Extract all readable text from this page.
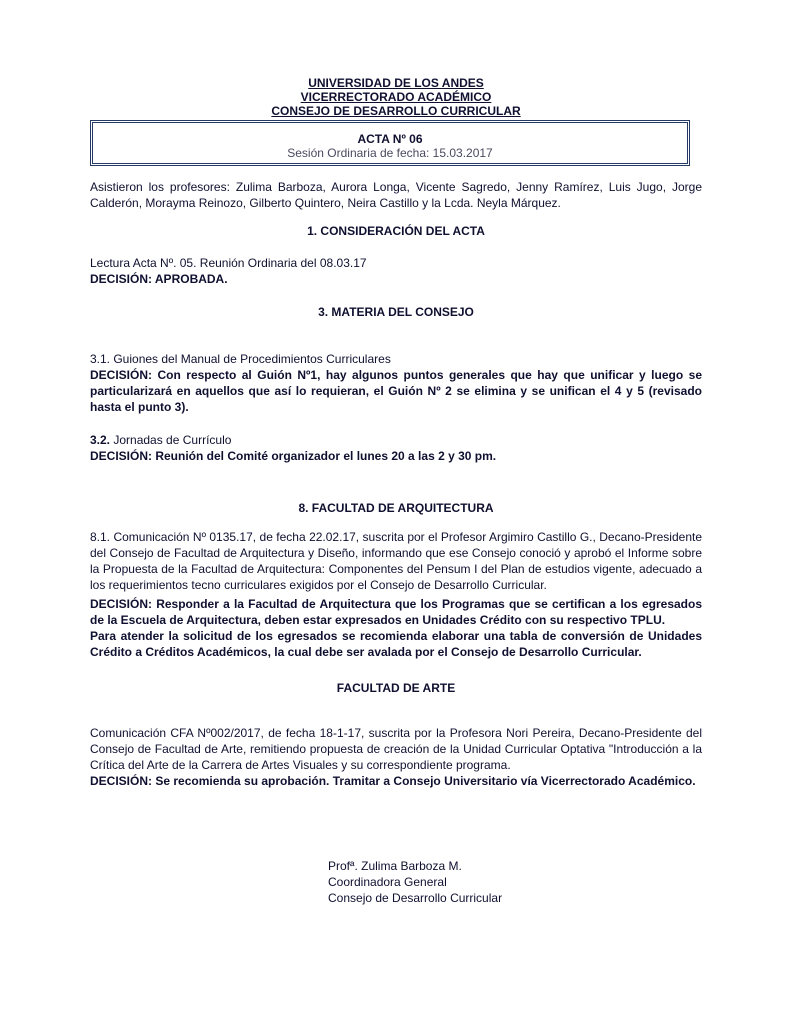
UNIVERSIDAD DE LOS ANDES
VICERRECTORADO ACADÉMICO
CONSEJO DE DESARROLLO CURRICULAR
ACTA Nº 06
Sesión Ordinaria de fecha: 15.03.2017
Asistieron los profesores: Zulima Barboza, Aurora Longa, Vicente Sagredo, Jenny Ramírez, Luis Jugo, Jorge Calderón, Morayma Reinozo, Gilberto Quintero, Neira Castillo y la Lcda. Neyla Márquez.
1. CONSIDERACIÓN DEL ACTA
Lectura Acta Nº. 05. Reunión Ordinaria del 08.03.17
DECISIÓN: APROBADA.
3. MATERIA DEL CONSEJO
3.1. Guiones del Manual de Procedimientos Curriculares
DECISIÓN: Con respecto al Guión Nº1, hay algunos puntos generales que hay que unificar y luego se particularizará en aquellos que así lo requieran, el Guión Nº 2 se elimina y se unifican el 4 y 5 (revisado hasta el punto 3).
3.2. Jornadas de Currículo
DECISIÓN: Reunión del Comité organizador el lunes 20 a las 2 y 30 pm.
8. FACULTAD DE ARQUITECTURA
8.1. Comunicación Nº 0135.17, de fecha 22.02.17, suscrita por el Profesor Argimiro Castillo G., Decano-Presidente del Consejo de Facultad de Arquitectura y Diseño, informando que ese Consejo conoció y aprobó el Informe sobre la Propuesta de la Facultad de Arquitectura: Componentes del Pensum I del Plan de estudios vigente, adecuado a los requerimientos tecno curriculares exigidos por el Consejo de Desarrollo Curricular.
DECISIÓN: Responder a la Facultad de Arquitectura que los Programas que se certifican a los egresados de la Escuela de Arquitectura, deben estar expresados en Unidades Crédito con su respectivo TPLU.
Para atender la solicitud de los egresados se recomienda elaborar una tabla de conversión de Unidades Crédito a Créditos Académicos, la cual debe ser avalada por el Consejo de Desarrollo Curricular.
FACULTAD DE ARTE
Comunicación CFA Nº002/2017, de fecha 18-1-17, suscrita por la Profesora Nori Pereira, Decano-Presidente del Consejo de Facultad de Arte, remitiendo propuesta de creación de la Unidad Curricular Optativa "Introducción a la Crítica del Arte de la Carrera de Artes Visuales y su correspondiente programa.
DECISIÓN: Se recomienda su aprobación. Tramitar a Consejo Universitario vía Vicerrectorado Académico.
Profª. Zulima Barboza M.
Coordinadora General
Consejo de Desarrollo Curricular
